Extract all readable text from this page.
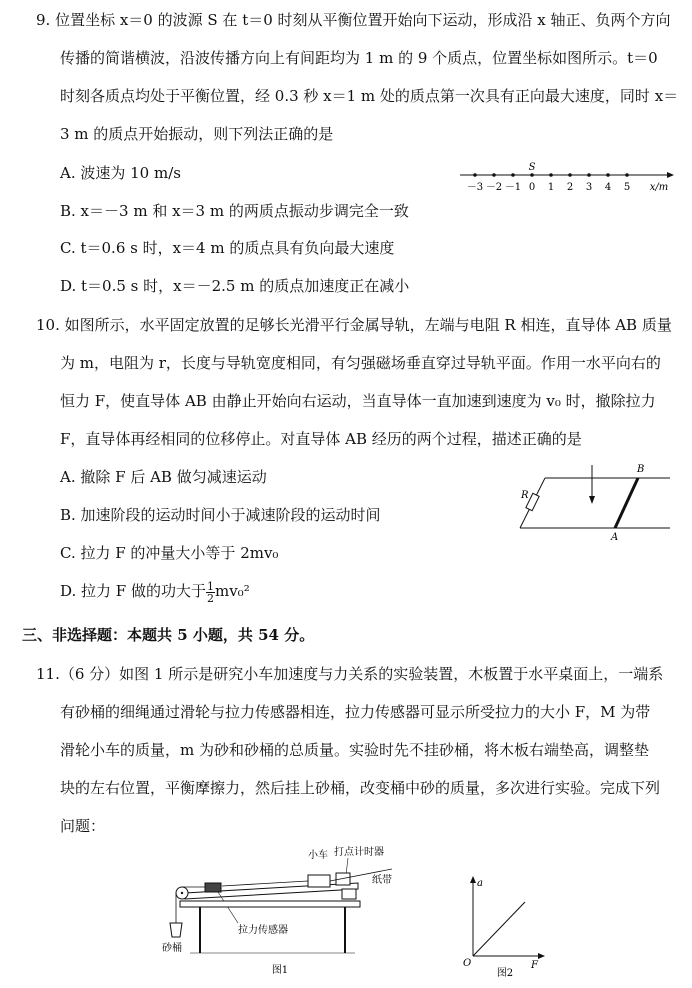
9. 位置坐标 x＝0 的波源 S 在 t＝0 时刻从平衡位置开始向下运动，形成沿 x 轴正、负两个方向
传播的简谐横波，沿波传播方向上有间距均为 1 m 的 9 个质点，位置坐标如图所示。t＝0
时刻各质点均处于平衡位置，经 0.3 秒 x＝1 m 处的质点第一次具有正向最大速度，同时 x＝
3 m 的质点开始振动，则下列法正确的是
A. 波速为 10 m/s
B. x＝－3 m 和 x＝3 m 的两质点振动步调完全一致
C. t＝0.6 s 时，x＝4 m 的质点具有负向最大速度
D. t＝0.5 s 时，x＝－2.5 m 的质点加速度正在减小
S
－3 －2 －1 0 1 2 3 4 5 x/m
10. 如图所示，水平固定放置的足够长光滑平行金属导轨，左端与电阻 R 相连，直导体 AB 质量
为 m，电阻为 r，长度与导轨宽度相同，有匀强磁场垂直穿过导轨平面。作用一水平向右的
恒力 F，使直导体 AB 由静止开始向右运动，当直导体一直加速到速度为 v₀ 时，撤除拉力
F，直导体再经相同的位移停止。对直导体 AB 经历的两个过程，描述正确的是
A. 撤除 F 后 AB 做匀减速运动
B. 加速阶段的运动时间小于减速阶段的运动时间
C. 拉力 F 的冲量大小等于 2mv₀
D. 拉力 F 做的功大于 $\frac{1}{2} mv_0^2$
R
B
A
三、非选择题：本题共 5 小题，共 54 分。
11.（6 分）如图 1 所示是研究小车加速度与力关系的实验装置，木板置于水平桌面上，一端系
有砂桶的细绳通过滑轮与拉力传感器相连，拉力传感器可显示所受拉力的大小 F，M 为带
滑轮小车的质量，m 为砂和砂桶的总质量。实验时先不挂砂桶，将木板右端垫高，调整垫
块的左右位置，平衡摩擦力，然后挂上砂桶，改变桶中砂的质量，多次进行实验。完成下列
问题：
小车 打点计时器
纸带
拉力传感器
砂桶
图1
a
F
O
图2
